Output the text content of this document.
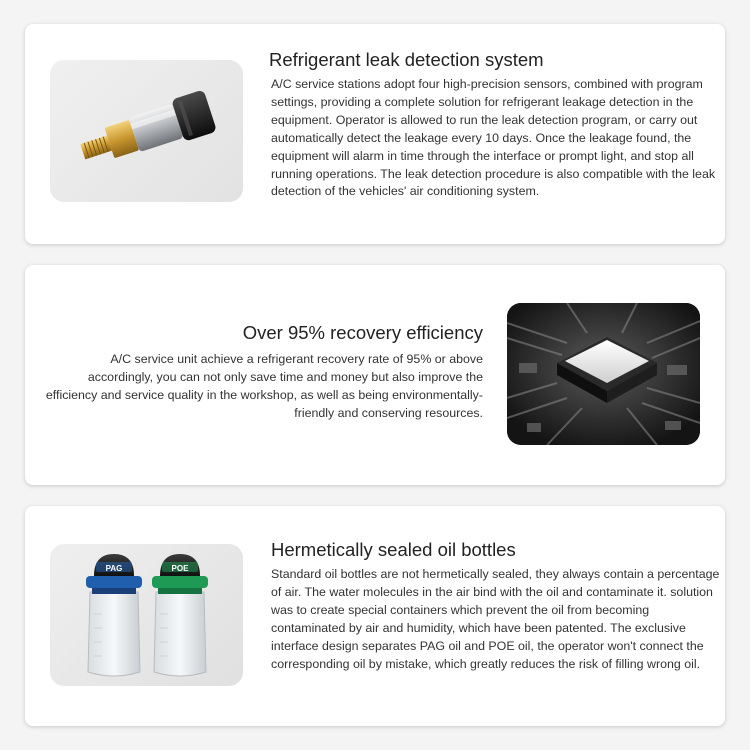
Refrigerant leak detection system
A/C service stations adopt four high-precision sensors, combined with program settings, providing a complete solution for refrigerant leakage detection in the equipment. Operator is allowed to run the leak detection program, or carry out automatically detect the leakage every 10 days. Once the leakage found, the equipment will alarm in time through the interface or prompt light, and stop all running operations. The leak detection procedure is also compatible with the leak detection of the vehicles' air conditioning system.
Over 95% recovery efficiency
A/C service unit achieve a refrigerant recovery rate of 95% or above accordingly, you can not only save time and money but also improve the efficiency and service quality in the workshop, as well as being environmentally-friendly and conserving resources.
PAG	POE
Hermetically sealed oil bottles
Standard oil bottles are not hermetically sealed, they always contain a percentage of air. The water molecules in the air bind with the oil and contaminate it. solution was to create special containers which prevent the oil from becoming contaminated by air and humidity, which have been patented. The exclusive interface design separates PAG oil and POE oil, the operator won't connect the corresponding oil by mistake, which greatly reduces the risk of filling wrong oil.
